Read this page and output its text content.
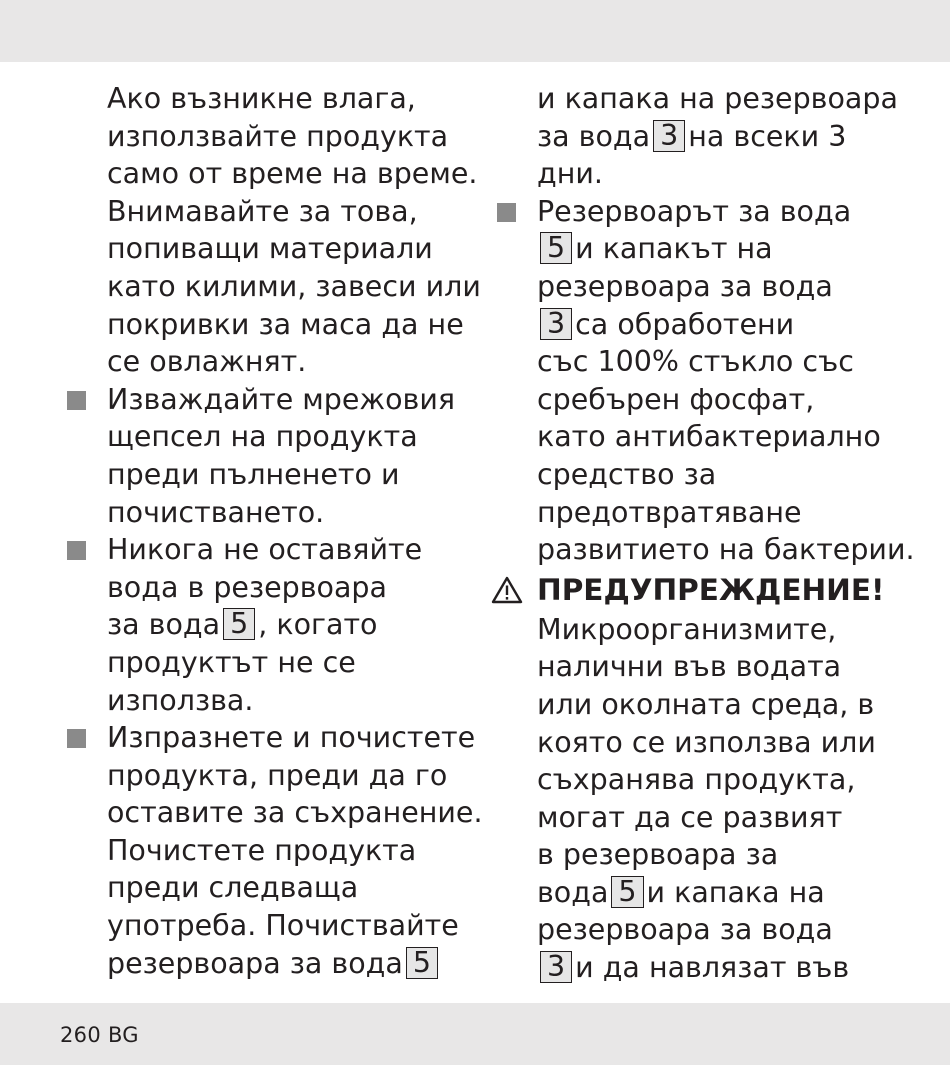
Ако възникне влага,
използвайте продукта
само от време на време.
Внимавайте за това,
попиващи материали
като килими, завеси или
покривки за маса да не
се овлажнят.
Изваждайте мрежовия
щепсел на продукта
преди пълненето и
почистването.
Никога не оставяйте
вода в резервоара
за вода 5 , когато
продуктът не се
използва.
Изпразнете и почистете
продукта, преди да го
оставите за съхранение.
Почистете продукта
преди следваща
употреба. Почиствайте
резервоара за вода 5
и капака на резервоара
за вода 3 на всеки 3
дни.
Резервоарът за вода
5 и капакът на
резервоара за вода
3 са обработени
със 100% стъкло със
сребърен фосфат,
като антибактериално
средство за
предотвратяване
развитието на бактерии.
ПРЕДУПРЕЖДЕНИЕ!
Микроорганизмите,
налични във водата
или околната среда, в
която се използва или
съхранява продукта,
могат да се развият
в резервоара за
вода 5 и капака на
резервоара за вода
3 и да навлязат във
260 BG
